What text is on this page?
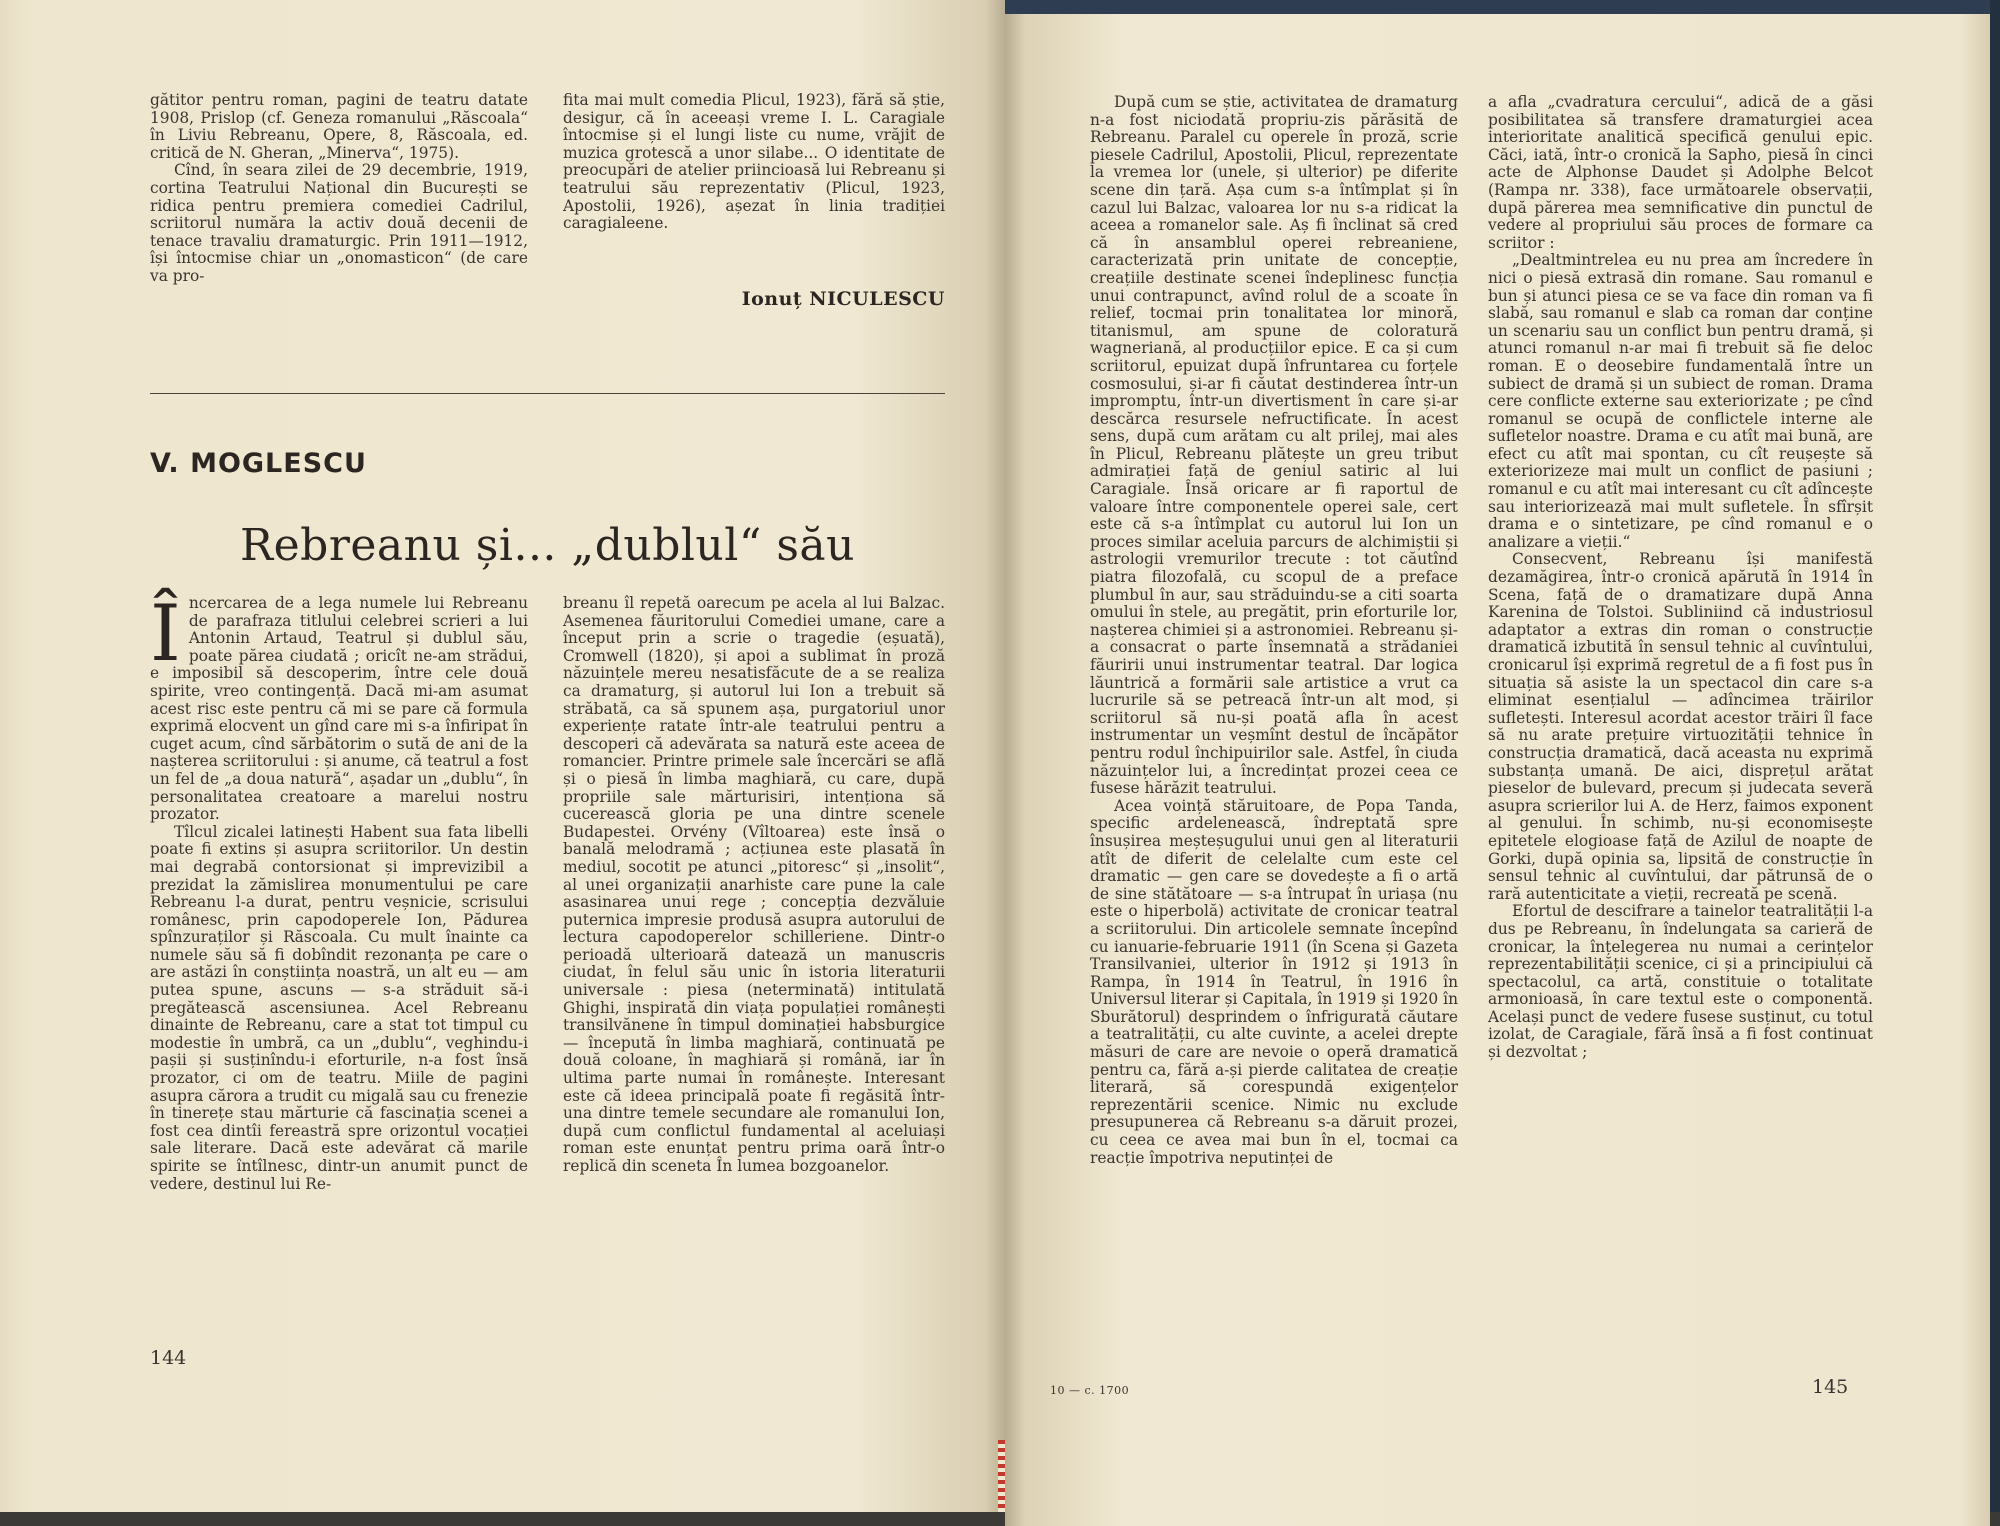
gătitor pentru roman, pagini de teatru datate 1908, Prislop (cf. Geneza romanului „Răscoala“ în Liviu Rebreanu, Opere, 8, Răscoala, ed. critică de N. Gheran, „Minerva“, 1975).

Cînd, în seara zilei de 29 decembrie, 1919, cortina Teatrului Național din București se ridica pentru premiera comediei Cadrilul, scriitorul număra la activ două decenii de tenace travaliu dramaturgic. Prin 1911—1912, își întocmise chiar un „onomasticon“ (de care va pro-

fita mai mult comedia Plicul, 1923), fără să știe, desigur, că în aceeași vreme I. L. Caragiale întocmise și el lungi liste cu nume, vrăjit de muzica grotescă a unor silabe... O identitate de preocupări de atelier priincioasă lui Rebreanu și teatrului său reprezentativ (Plicul, 1923, Apostolii, 1926), așezat în linia tradiției caragialeene.

Ionuț NICULESCU
V. MOGLESCU
Rebreanu și... „dublul“ său

Încercarea de a lega numele lui Rebreanu de parafraza titlului celebrei scrieri a lui Antonin Artaud, Teatrul și dublul său, poate părea ciudată ; oricît ne-am strădui, e imposibil să descoperim, între cele două spirite, vreo contingență. Dacă mi-am asumat acest risc este pentru că mi se pare că formula exprimă elocvent un gînd care mi s-a înfiripat în cuget acum, cînd sărbătorim o sută de ani de la nașterea scriitorului : și anume, că teatrul a fost un fel de „a doua natură“, așadar un „dublu“, în personalitatea creatoare a marelui nostru prozator.

Tîlcul zicalei latinești Habent sua fata libelli poate fi extins și asupra scriitorilor. Un destin mai degrabă contorsionat și imprevizibil a prezidat la zămislirea monumentului pe care Rebreanu l-a durat, pentru veșnicie, scrisului românesc, prin capodoperele Ion, Pădurea spînzuraților și Răscoala. Cu mult înainte ca numele său să fi dobîndit rezonanța pe care o are astăzi în conștiința noastră, un alt eu — am putea spune, ascuns — s-a străduit să-i pregătească ascensiunea. Acel Rebreanu dinainte de Rebreanu, care a stat tot timpul cu modestie în umbră, ca un „dublu“, veghindu-i pașii și susținîndu-i eforturile, n-a fost însă prozator, ci om de teatru. Miile de pagini asupra cărora a trudit cu migală sau cu frenezie în tinerețe stau mărturie că fascinația scenei a fost cea dintîi fereastră spre orizontul vocației sale literare. Dacă este adevărat că marile spirite se întîlnesc, dintr-un anumit punct de vedere, destinul lui Re-

breanu îl repetă oarecum pe acela al lui Balzac. Asemenea făuritorului Comediei umane, care a început prin a scrie o tragedie (eșuată), Cromwell (1820), și apoi a sublimat în proză năzuințele mereu nesatisfăcute de a se realiza ca dramaturg, și autorul lui Ion a trebuit să străbată, ca să spunem așa, purgatoriul unor experiențe ratate într-ale teatrului pentru a descoperi că adevărata sa natură este aceea de romancier. Printre primele sale încercări se află și o piesă în limba maghiară, cu care, după propriile sale mărturisiri, intenționa să cucerească gloria pe una dintre scenele Budapestei. Orvény (Vîltoarea) este însă o banală melodramă ; acțiunea este plasată în mediul, socotit pe atunci „pitoresc“ și „insolit“, al unei organizații anarhiste care pune la cale asasinarea unui rege ; concepția dezvăluie puternica impresie produsă asupra autorului de lectura capodoperelor schilleriene. Dintr-o perioadă ulterioară datează un manuscris ciudat, în felul său unic în istoria literaturii universale : piesa (neterminată) intitulată Ghighi, inspirată din viața populației românești transilvănene în timpul dominației habsburgice — începută în limba maghiară, continuată pe două coloane, în maghiară și română, iar în ultima parte numai în românește. Interesant este că ideea principală poate fi regăsită într-una dintre temele secundare ale romanului Ion, după cum conflictul fundamental al aceluiași roman este enunțat pentru prima oară într-o replică din sceneta În lumea bozgoanelor.

144

După cum se știe, activitatea de dramaturg n-a fost niciodată propriu-zis părăsită de Rebreanu. Paralel cu operele în proză, scrie piesele Cadrilul, Apostolii, Plicul, reprezentate la vremea lor (unele, și ulterior) pe diferite scene din țară. Așa cum s-a întîmplat și în cazul lui Balzac, valoarea lor nu s-a ridicat la aceea a romanelor sale. Aș fi înclinat să cred că în ansamblul operei rebreaniene, caracterizată prin unitate de concepție, creațiile destinate scenei îndeplinesc funcția unui contrapunct, avînd rolul de a scoate în relief, tocmai prin tonalitatea lor minoră, titanismul, am spune de coloratură wagneriană, al producțiilor epice. E ca și cum scriitorul, epuizat după înfruntarea cu forțele cosmosului, și-ar fi căutat destinderea într-un impromptu, într-un divertisment în care și-ar descărca resursele nefructificate. În acest sens, după cum arătam cu alt prilej, mai ales în Plicul, Rebreanu plătește un greu tribut admirației față de geniul satiric al lui Caragiale. Însă oricare ar fi raportul de valoare între componentele operei sale, cert este că s-a întîmplat cu autorul lui Ion un proces similar aceluia parcurs de alchimiștii și astrologii vremurilor trecute : tot căutînd piatra filozofală, cu scopul de a preface plumbul în aur, sau străduindu-se a citi soarta omului în stele, au pregătit, prin eforturile lor, nașterea chimiei și a astronomiei. Rebreanu și-a consacrat o parte însemnată a strădaniei făuririi unui instrumentar teatral. Dar logica lăuntrică a formării sale artistice a vrut ca lucrurile să se petreacă într-un alt mod, și scriitorul să nu-și poată afla în acest instrumentar un veșmînt destul de încăpător pentru rodul închipuirilor sale. Astfel, în ciuda năzuințelor lui, a încredințat prozei ceea ce fusese hărăzit teatrului.

Acea voință stăruitoare, de Popa Tanda, specific ardelenească, îndreptată spre însușirea meșteșugului unui gen al literaturii atît de diferit de celelalte cum este cel dramatic — gen care se dovedește a fi o artă de sine stătătoare — s-a întrupat în uriașa (nu este o hiperbolă) activitate de cronicar teatral a scriitorului. Din articolele semnate începînd cu ianuarie-februarie 1911 (în Scena și Gazeta Transilvaniei, ulterior în 1912 și 1913 în Rampa, în 1914 în Teatrul, în 1916 în Universul literar și Capitala, în 1919 și 1920 în Sburătorul) desprindem o înfrigurată căutare a teatralității, cu alte cuvinte, a acelei drepte măsuri de care are nevoie o operă dramatică pentru ca, fără a-și pierde calitatea de creație literară, să corespundă exigențelor reprezentării scenice. Nimic nu exclude presupunerea că Rebreanu s-a dăruit prozei, cu ceea ce avea mai bun în el, tocmai ca reacție împotriva neputinței de

a afla „cvadratura cercului“, adică de a găsi posibilitatea să transfere dramaturgiei acea interioritate analitică specifică genului epic. Căci, iată, într-o cronică la Sapho, piesă în cinci acte de Alphonse Daudet și Adolphe Belcot (Rampa nr. 338), face următoarele observații, după părerea mea semnificative din punctul de vedere al propriului său proces de formare ca scriitor :

„Dealtmintrelea eu nu prea am încredere în nici o piesă extrasă din romane. Sau romanul e bun și atunci piesa ce se va face din roman va fi slabă, sau romanul e slab ca roman dar conține un scenariu sau un conflict bun pentru dramă, și atunci romanul n-ar mai fi trebuit să fie deloc roman. E o deosebire fundamentală între un subiect de dramă și un subiect de roman. Drama cere conflicte externe sau exteriorizate ; pe cînd romanul se ocupă de conflictele interne ale sufletelor noastre. Drama e cu atît mai bună, are efect cu atît mai spontan, cu cît reușește să exteriorizeze mai mult un conflict de pasiuni ; romanul e cu atît mai interesant cu cît adîncește sau interiorizează mai mult sufletele. În sfîrșit drama e o sintetizare, pe cînd romanul e o analizare a vieții.“

Consecvent, Rebreanu își manifestă dezamăgirea, într-o cronică apărută în 1914 în Scena, față de o dramatizare după Anna Karenina de Tolstoi. Subliniind că industriosul adaptator a extras din roman o construcție dramatică izbutită în sensul tehnic al cuvîntului, cronicarul își exprimă regretul de a fi fost pus în situația să asiste la un spectacol din care s-a eliminat esențialul — adîncimea trăirilor sufletești. Interesul acordat acestor trăiri îl face să nu arate prețuire virtuozității tehnice în construcția dramatică, dacă aceasta nu exprimă substanța umană. De aici, disprețul arătat pieselor de bulevard, precum și judecata severă asupra scrierilor lui A. de Herz, faimos exponent al genului. În schimb, nu-și economisește epitetele elogioase față de Azilul de noapte de Gorki, după opinia sa, lipsită de construcție în sensul tehnic al cuvîntului, dar pătrunsă de o rară autenticitate a vieții, recreată pe scenă.

Efortul de descifrare a tainelor teatralității l-a dus pe Rebreanu, în îndelungata sa carieră de cronicar, la înțelegerea nu numai a cerințelor reprezentabilității scenice, ci și a principiului că spectacolul, ca artă, constituie o totalitate armonioasă, în care textul este o componentă. Același punct de vedere fusese susținut, cu totul izolat, de Caragiale, fără însă a fi fost continuat și dezvoltat ;

10 — c. 1700	145
